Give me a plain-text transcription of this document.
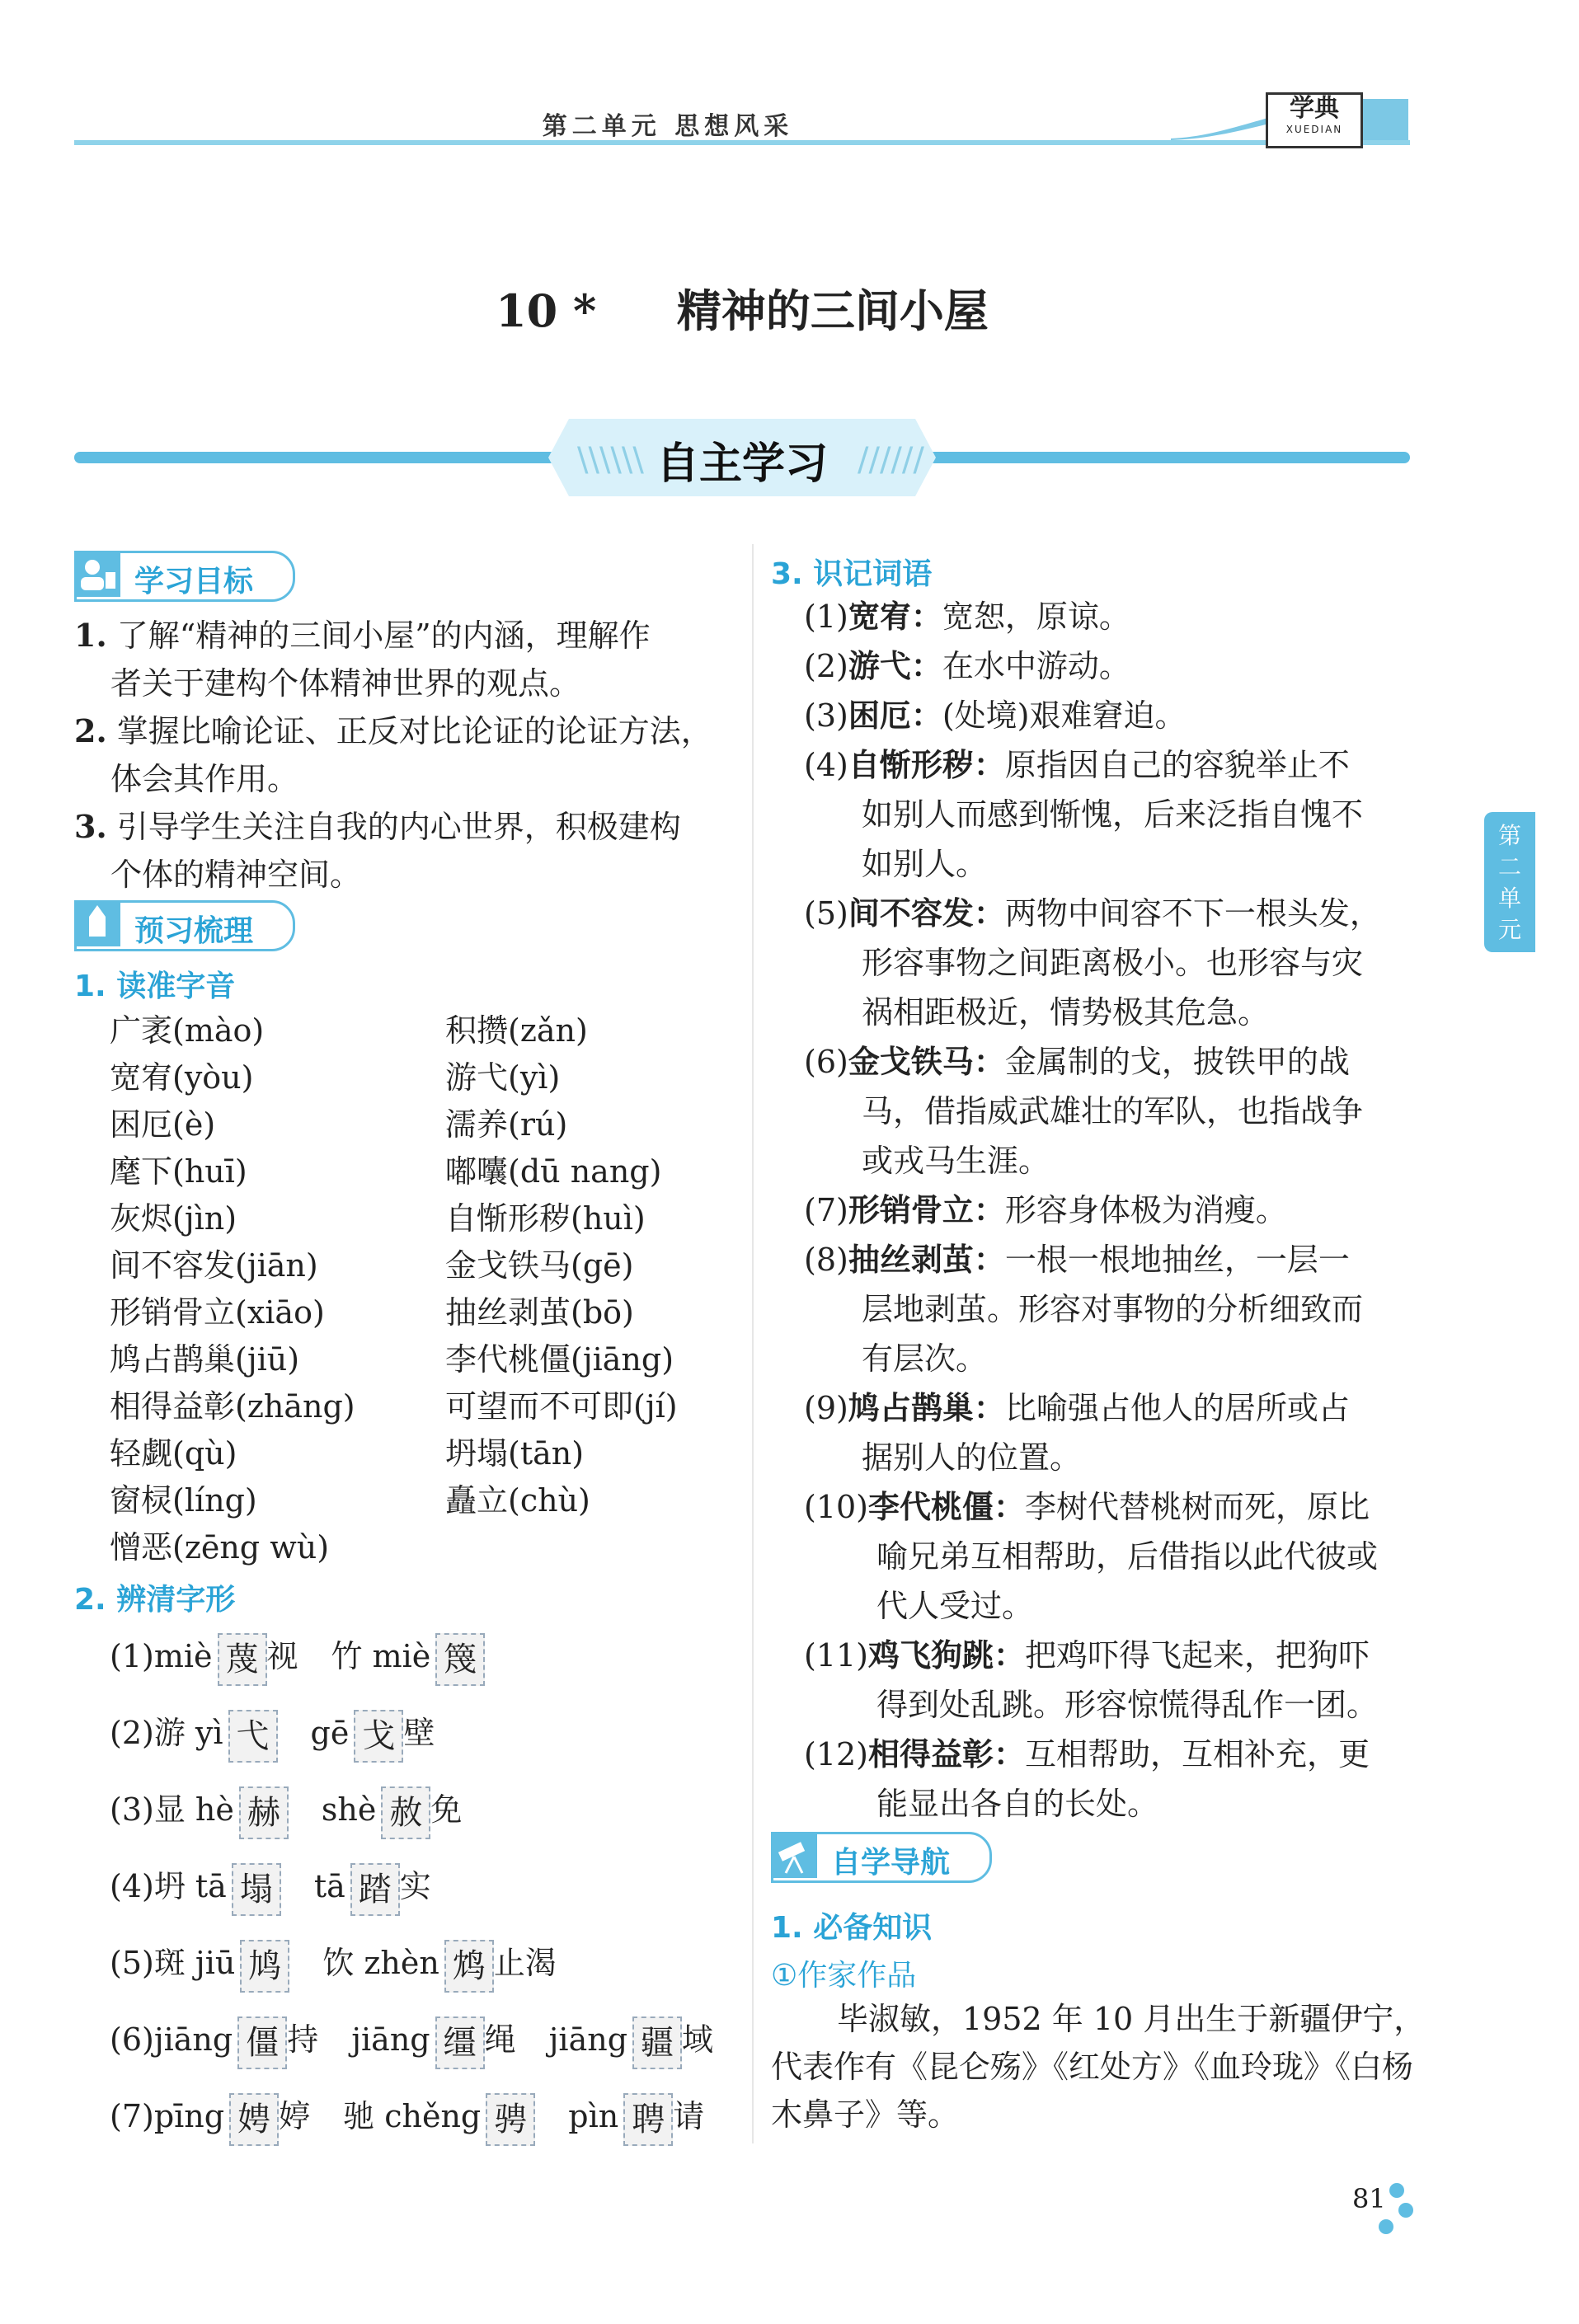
第二单元 思想风采
学典
XUEDIAN
10 * 精神的三间小屋
\\\\\\	//////
自主学习
学习目标
1. 了解“精神的三间小屋”的内涵，理解作
者关于建构个体精神世界的观点。
2. 掌握比喻论证、正反对比论证的论证方法，
体会其作用。
3. 引导学生关注自我的内心世界，积极建构
个体的精神空间。
预习梳理
1. 读准字音
广袤(mào)
宽宥(yòu)
困厄(è)
麾下(huī)
灰烬(jìn)
间不容发(jiān)
形销骨立(xiāo)
鸠占鹊巢(jiū)
相得益彰(zhāng)
轻觑(qù)
窗棂(líng)
憎恶(zēng wù)
积攒(zǎn)
游弋(yì)
濡养(rú)
嘟囔(dū nang)
自惭形秽(huì)
金戈铁马(gē)
抽丝剥茧(bō)
李代桃僵(jiāng)
可望而不可即(jí)
坍塌(tān)
矗立(chù)
2. 辨清字形
(1)miè 蔑 视 竹 miè 篾
(2)游 yì 弋 gē 戈 壁
(3)显 hè 赫 shè 赦 免
(4)坍 tā 塌 tā 踏 实
(5)斑 jiū 鸠 饮 zhèn 鸩 止渴
(6)jiāng 僵 持 jiāng 缰 绳 jiāng 疆 域
(7)pīng 娉 婷 驰 chěng 骋 pìn 聘 请
3. 识记词语
(1)宽宥：宽恕，原谅。
(2)游弋：在水中游动。
(3)困厄：(处境)艰难窘迫。
(4)自惭形秽：原指因自己的容貌举止不
如别人而感到惭愧，后来泛指自愧不
如别人。
(5)间不容发：两物中间容不下一根头发，
形容事物之间距离极小。也形容与灾
祸相距极近，情势极其危急。
(6)金戈铁马：金属制的戈，披铁甲的战
马，借指威武雄壮的军队，也指战争
或戎马生涯。
(7)形销骨立：形容身体极为消瘦。
(8)抽丝剥茧：一根一根地抽丝，一层一
层地剥茧。形容对事物的分析细致而
有层次。
(9)鸠占鹊巢：比喻强占他人的居所或占
据别人的位置。
(10)李代桃僵：李树代替桃树而死，原比
喻兄弟互相帮助，后借指以此代彼或
代人受过。
(11)鸡飞狗跳：把鸡吓得飞起来，把狗吓
得到处乱跳。形容惊慌得乱作一团。
(12)相得益彰：互相帮助，互相补充，更
能显出各自的长处。
自学导航
1. 必备知识
①作家作品
毕淑敏，1952 年 10 月出生于新疆伊宁，
代表作有《昆仑殇》《红处方》《血玲珑》《白杨
木鼻子》等。
第
二
单
元
81
